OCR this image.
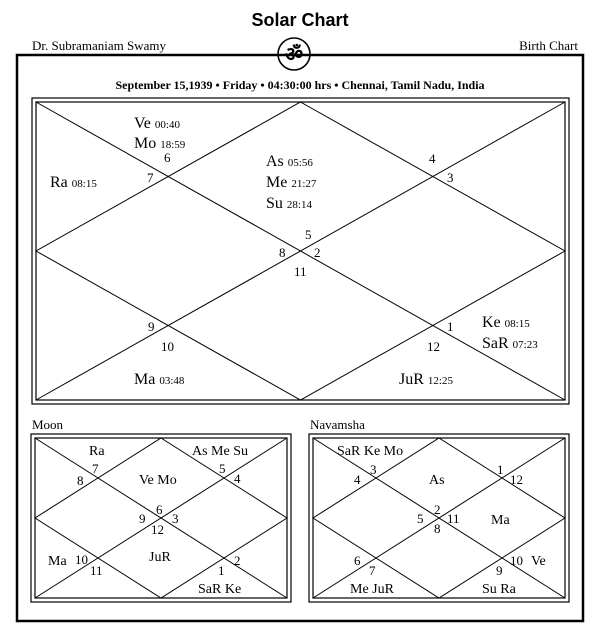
Solar Chart
Dr. Subramaniam Swamy	Birth Chart
ॐ
September 15,1939 • Friday • 04:30:00 hrs • Chennai, Tamil Nadu, India
5
8 2
11
4
3
6
7
9
10
1
12
Ve 00:40
Mo 18:59
Ra 08:15
As 05:56
Me 21:27
Su 28:14
Ke 08:15
SaR 07:23
Ma 03:48	JuR 12:25
Moon
7
8
5
4
6
9 3
12
10
11
2
1
Ra	As Me Su
Ve Mo
Ma	JuR
SaR Ke
Navamsha
3
4
1
12
2
5 11
8
6
7
10
9
SaR Ke Mo
As
Ma
Ve
Me JuR	Su Ra
